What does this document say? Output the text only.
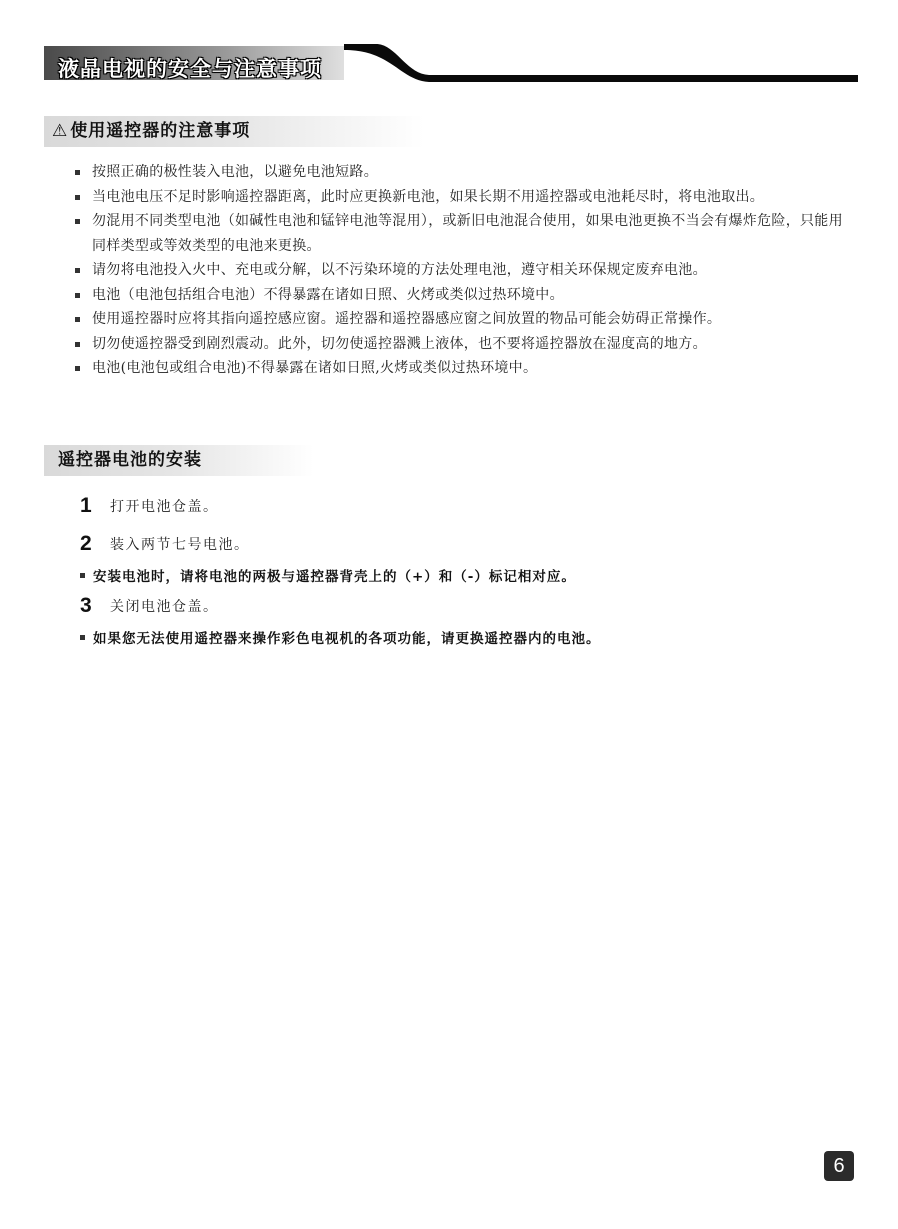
液晶电视的安全与注意事项
⚠ 使用遥控器的注意事项
按照正确的极性装入电池，以避免电池短路。
当电池电压不足时影响遥控器距离，此时应更换新电池，如果长期不用遥控器或电池耗尽时，将电池取出。
勿混用不同类型电池（如碱性电池和锰锌电池等混用），或新旧电池混合使用，如果电池更换不当会有爆炸危险，只能用同样类型或等效类型的电池来更换。
请勿将电池投入火中、充电或分解，以不污染环境的方法处理电池，遵守相关环保规定废弃电池。
电池（电池包括组合电池）不得暴露在诸如日照、火烤或类似过热环境中。
使用遥控器时应将其指向遥控感应窗。遥控器和遥控器感应窗之间放置的物品可能会妨碍正常操作。
切勿使遥控器受到剧烈震动。此外，切勿使遥控器溅上液体，也不要将遥控器放在湿度高的地方。
电池(电池包或组合电池)不得暴露在诸如日照,火烤或类似过热环境中。
遥控器电池的安装
1 打开电池仓盖。
2 装入两节七号电池。
安装电池时，请将电池的两极与遥控器背壳上的（+）和（-）标记相对应。
3 关闭电池仓盖。
如果您无法使用遥控器来操作彩色电视机的各项功能，请更换遥控器内的电池。
6
